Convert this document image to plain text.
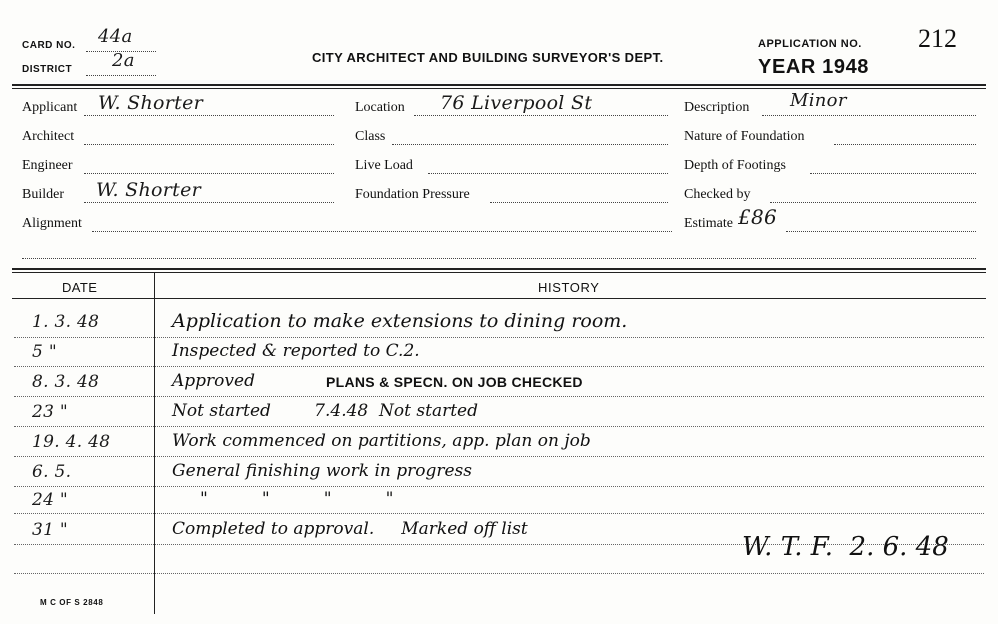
CARD NO. 44a
DISTRICT 2a	CITY ARCHITECT AND BUILDING SURVEYOR'S DEPT.
APPLICATION NO. 212
YEAR 1948
Applicant W. Shorter
Architect
Engineer
Builder W. Shorter
Alignment
Location 76 Liverpool St
Class
Live Load
Foundation Pressure
Description Minor
Nature of Foundation
Depth of Footings
Checked by
Estimate £86
DATE	HISTORY
1. 3. 48	Application to make extensions to dining room.
5 "	Inspected & reported to C.2.
8. 3. 48	Approved	PLANS & SPECN. ON JOB CHECKED
23 "	Not started        7.4.48  Not started
19. 4. 48	Work commenced on partitions, app. plan on job
6. 5.	General finishing work in progress
24 "	"          "          "          "
31 "	Completed to approval.     Marked off list
W. T. F.  2. 6. 48
M C OF S 2848
